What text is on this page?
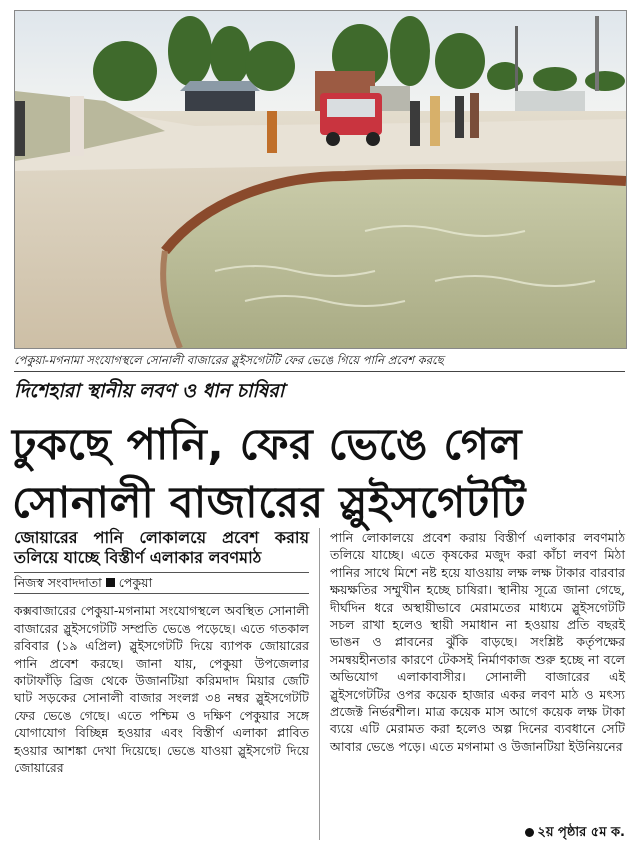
পেকুয়া-মগনামা সংযোগস্থলে সোনালী বাজারের স্লুইসগেটটি ফের ভেঙে গিয়ে পানি প্রবেশ করছে
দিশেহারা স্থানীয় লবণ ও ধান চাষিরা
ঢুকছে পানি, ফের ভেঙে গেল
সোনালী বাজারের স্লুইসগেটটি
জোয়ারের পানি লোকালয়ে প্রবেশ করায় তলিয়ে যাচ্ছে বিস্তীর্ণ এলাকার লবণমাঠ
নিজস্ব সংবাদদাতা পেকুয়া

কক্সবাজারের পেকুয়া-মগনামা সংযোগস্থলে অবস্থিত সোনালী বাজারের স্লুইসগেটটি সম্প্রতি ভেঙে পড়েছে। এতে গতকাল রবিবার (১৯ এপ্রিল) স্লুইসগেটটি দিয়ে ব্যাপক জোয়ারের পানি প্রবেশ করছে। জানা যায়, পেকুয়া উপজেলার কাটাফাঁড়ি ব্রিজ থেকে উজানটিয়া করিমদাদ মিয়ার জেটি ঘাট সড়কের সোনালী বাজার সংলগ্ন ৩৪ নম্বর স্লুইসগেটটি ফের ভেঙে গেছে। এতে পশ্চিম ও দক্ষিণ পেকুয়ার সঙ্গে যোগাযোগ বিচ্ছিন্ন হওয়ার এবং বিস্তীর্ণ এলাকা প্লাবিত হওয়ার আশঙ্কা দেখা দিয়েছে। ভেঙে যাওয়া স্লুইসগেট দিয়ে জোয়ারের

পানি লোকালয়ে প্রবেশ করায় বিস্তীর্ণ এলাকার লবণমাঠ তলিয়ে যাচ্ছে। এতে কৃষকের মজুদ করা কাঁচা লবণ মিঠা পানির সাথে মিশে নষ্ট হয়ে যাওয়ায় লক্ষ লক্ষ টাকার বারবার ক্ষয়ক্ষতির সম্মুখীন হচ্ছে চাষিরা। স্থানীয় সূত্রে জানা গেছে, দীর্ঘদিন ধরে অস্থায়ীভাবে মেরামতের মাধ্যমে স্লুইসগেটটি সচল রাখা হলেও স্থায়ী সমাধান না হওয়ায় প্রতি বছরই ভাঙন ও প্লাবনের ঝুঁকি বাড়ছে। সংশ্লিষ্ট কর্তৃপক্ষের সমন্বয়হীনতার কারণে টেকসই নির্মাণকাজ শুরু হচ্ছে না বলে অভিযোগ এলাকাবাসীর। সোনালী বাজারের এই স্লুইসগেটটির ওপর কয়েক হাজার একর লবণ মাঠ ও মৎস্য প্রজেক্ট নির্ভরশীল। মাত্র কয়েক মাস আগে কয়েক লক্ষ টাকা ব্যয়ে এটি মেরামত করা হলেও অল্প দিনের ব্যবধানে সেটি আবার ভেঙে পড়ে। এতে মগনামা ও উজানটিয়া ইউনিয়নের

২য় পৃষ্ঠার ৫ম ক.
